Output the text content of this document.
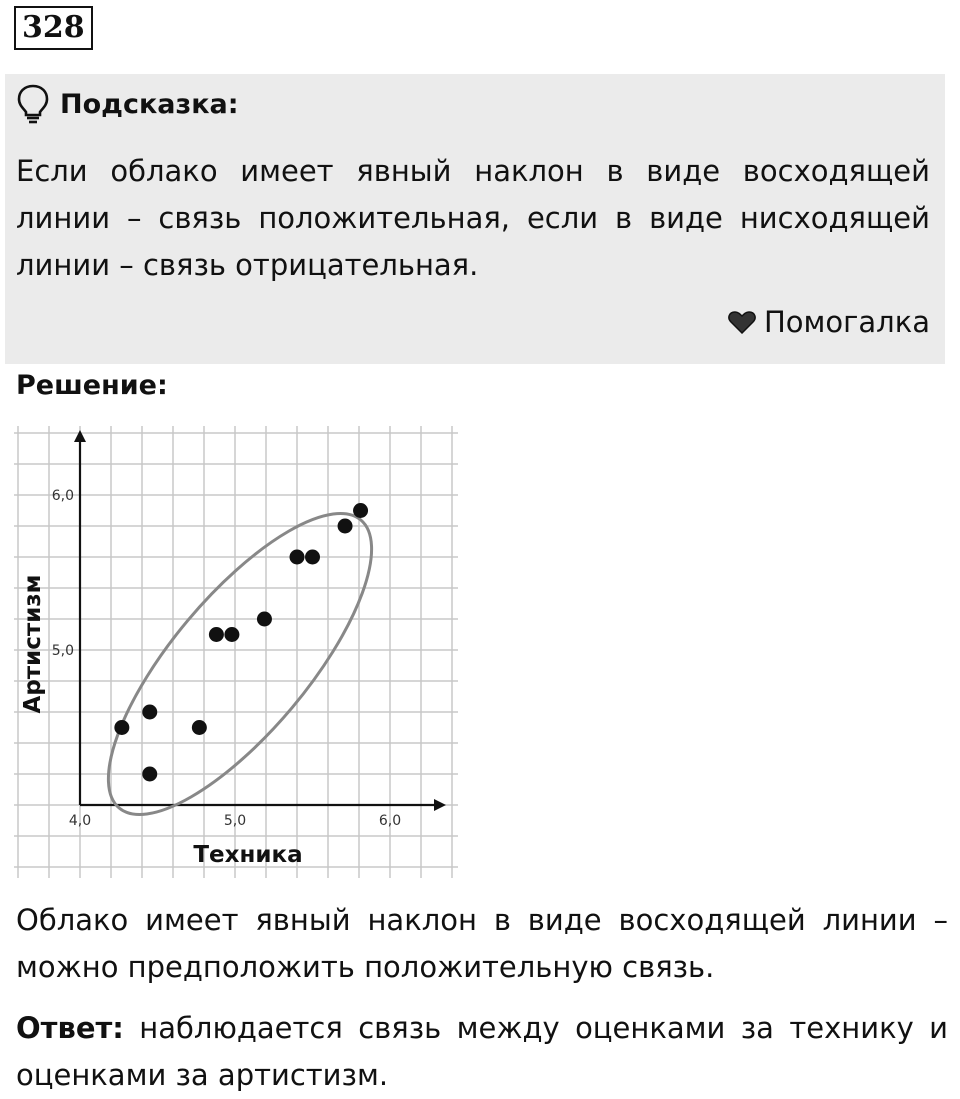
328
Подсказка:

Если облако имеет явный наклон в виде восходящей линии – связь положительная, если в виде нисходящей линии – связь отрицательная.

Помогалка
Решение:
4,0	5,0	6,0
5,0
6,0
Техника
Артистизм

Облако имеет явный наклон в виде восходящей линии – можно предположить положительную связь.

Ответ: наблюдается связь между оценками за технику и оценками за артистизм.
